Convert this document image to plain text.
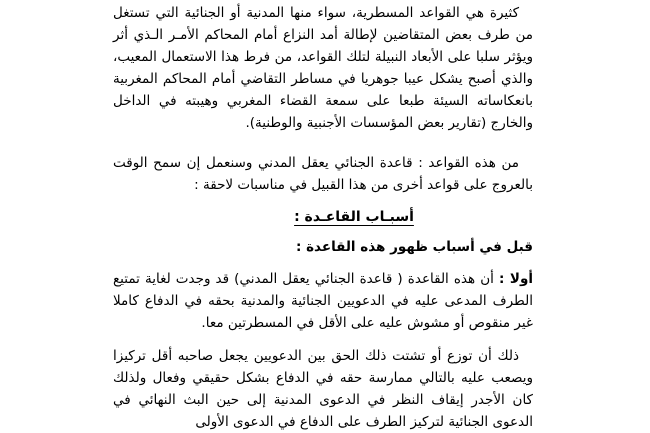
كثيرة هي القواعد المسطرية، سواء منها المدنية أو الجنائية التي تستغل من طرف بعض المتقاضين لإطالة أمد النزاع أمام المحاكم الأمـر الـذي أثر ويؤثر سلبا على الأبعاد النبيلة لتلك القواعد، من فرط هذا الاستعمال المعيب، والذي أصبح يشكل عيبا جوهريا في مساطر التقاضي أمام المحاكم المغربية بانعكاساته السيئة طبعا على سمعة القضاء المغربي وهيبته في الداخل والخارج (تقارير بعض المؤسسات الأجنبية والوطنية).
من هذه القواعد : قاعدة الجنائي يعقل المدني وسنعمل إن سمح الوقت بالعروج على قواعد أخرى من هذا القبيل في مناسبات لاحقة :
أسبـاب القاعـدة :
قبل في أسباب ظهور هذه القاعدة :
أولا : أن هذه القاعدة ( قاعدة الجنائي يعقل المدني) قد وجدت لغاية تمتيع الطرف المدعى عليه في الدعويين الجنائية والمدنية بحقه في الدفاع كاملا غير منقوص أو مشوش عليه على الأقل في المسطرتين معا.
ذلك أن توزع أو تشتت ذلك الحق بين الدعويين يجعل صاحبه أقل تركيزا ويصعب عليه بالتالي ممارسة حقه في الدفاع بشكل حقيقي وفعال ولذلك كان الأجدر إيقاف النظر في الدعوى المدنية إلى حين البث النهائي في الدعوى الجنائية لتركيز الطرف على الدفاع في الدعوى الأولى
